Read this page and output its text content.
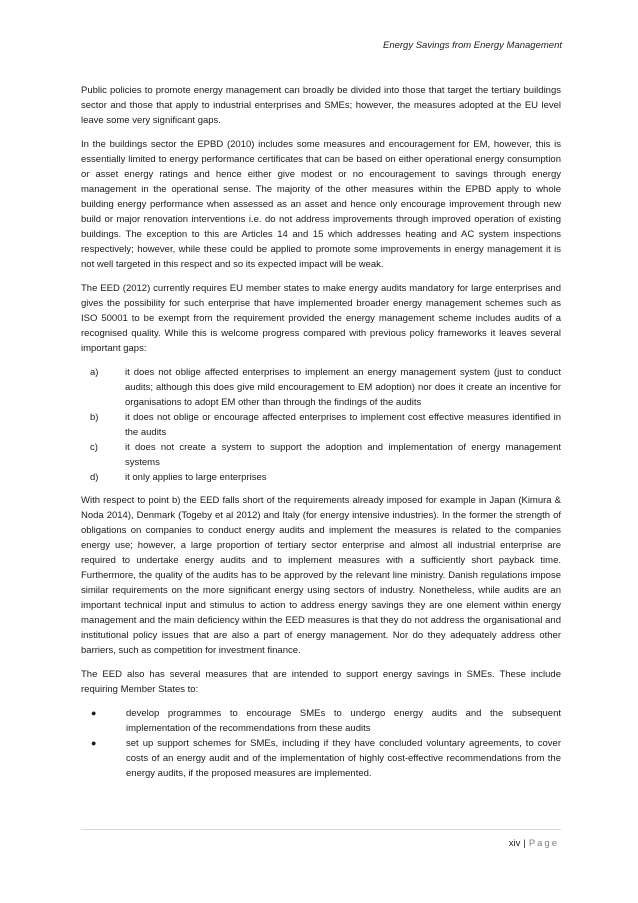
Energy Savings from Energy Management

Public policies to promote energy management can broadly be divided into those that target the tertiary buildings sector and those that apply to industrial enterprises and SMEs; however, the measures adopted at the EU level leave some very significant gaps.

In the buildings sector the EPBD (2010) includes some measures and encouragement for EM, however, this is essentially limited to energy performance certificates that can be based on either operational energy consumption or asset energy ratings and hence either give modest or no encouragement to savings through energy management in the operational sense. The majority of the other measures within the EPBD apply to whole building energy performance when assessed as an asset and hence only encourage improvement through new build or major renovation interventions i.e. do not address improvements through improved operation of existing buildings. The exception to this are Articles 14 and 15 which addresses heating and AC system inspections respectively; however, while these could be applied to promote some improvements in energy management it is not well targeted in this respect and so its expected impact will be weak.

The EED (2012) currently requires EU member states to make energy audits mandatory for large enterprises and gives the possibility for such enterprise that have implemented broader energy management schemes such as ISO 50001 to be exempt from the requirement provided the energy management scheme includes audits of a recognised quality. While this is welcome progress compared with previous policy frameworks it leaves several important gaps:

a)	it does not oblige affected enterprises to implement an energy management system (just to conduct audits; although this does give mild encouragement to EM adoption) nor does it create an incentive for organisations to adopt EM other than through the findings of the audits
b)	it does not oblige or encourage affected enterprises to implement cost effective measures identified in the audits
c)	it does not create a system to support the adoption and implementation of energy management systems
d)	it only applies to large enterprises

With respect to point b) the EED falls short of the requirements already imposed for example in Japan (Kimura & Noda 2014), Denmark (Togeby et al 2012) and Italy (for energy intensive industries). In the former the strength of obligations on companies to conduct energy audits and implement the measures is related to the companies energy use; however, a large proportion of tertiary sector enterprise and almost all industrial enterprise are required to undertake energy audits and to implement measures with a sufficiently short payback time. Furthermore, the quality of the audits has to be approved by the relevant line ministry. Danish regulations impose similar requirements on the more significant energy using sectors of industry. Nonetheless, while audits are an important technical input and stimulus to action to address energy savings they are one element within energy management and the main deficiency within the EED measures is that they do not address the organisational and institutional policy issues that are also a part of energy management. Nor do they adequately address other barriers, such as competition for investment finance.

The EED also has several measures that are intended to support energy savings in SMEs. These include requiring Member States to:

●	develop programmes to encourage SMEs to undergo energy audits and the subsequent implementation of the recommendations from these audits
●	set up support schemes for SMEs, including if they have concluded voluntary agreements, to cover costs of an energy audit and of the implementation of highly cost-effective recommendations from the energy audits, if the proposed measures are implemented.
xiv | Page
